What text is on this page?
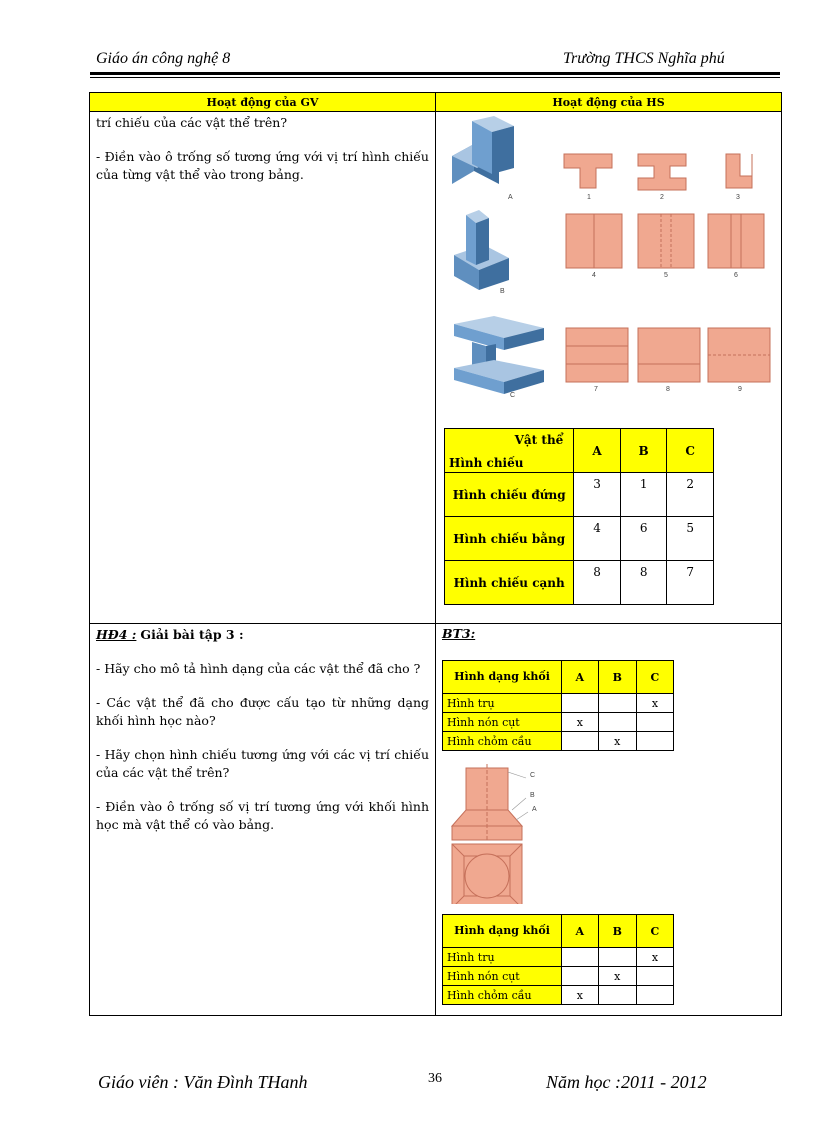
Giáo án công nghệ 8	Trường THCS Nghĩa phú
Hoạt động của GV	Hoạt động của HS

trí chiếu của các vật thể trên?

- Điền vào ô trống số tương ứng với vị trí hình chiếu của từng vật thể vào trong bảng.

A	1	2	3
B
4	5	6
C
7	8	9
Vật thể
Hình chiếu
	A	B	C
Hình chiếu đứng	3	1	2
Hình chiếu bằng	4	6	5
Hình chiếu cạnh	8	8	7

HĐ4 : Giải bài tập 3 :

- Hãy cho mô tả hình dạng của các vật thể đã cho ?

- Các vật thể đã cho được cấu tạo từ những dạng khối hình học nào?

- Hãy chọn hình chiếu tương ứng với các vị trí chiếu của các vật thể trên?

- Điền vào ô trống số vị trí tương ứng với khối hình học mà vật thể có vào bảng.

BT3:
Hình dạng khối	A	B	C
Hình trụ			x
Hình nón cụt	x		
Hình chỏm cầu		x	
C
B
A
Hình dạng khối	A	B	C
Hình trụ			x
Hình nón cụt		x	
Hình chỏm cầu	x		
Giáo viên : Văn Đình THanh	36	Năm học :2011 - 2012
